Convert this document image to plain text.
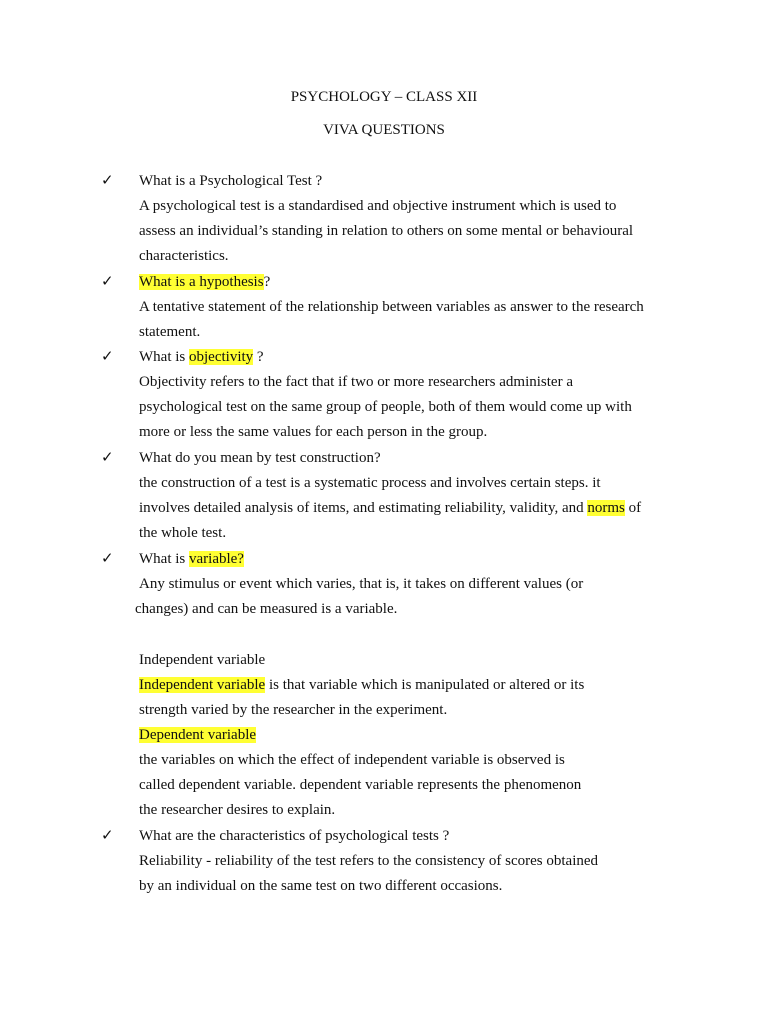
PSYCHOLOGY – CLASS XII
VIVA QUESTIONS
✓ What is a Psychological Test ?
A psychological test is a standardised and objective instrument which is used to
assess an individual’s standing in relation to others on some mental or behavioural
characteristics.
✓ What is a hypothesis?
A tentative statement of the relationship between variables as answer to the research
statement.
✓ What is objectivity ?
Objectivity refers to the fact that if two or more researchers administer a
psychological test on the same group of people, both of them would come up with
more or less the same values for each person in the group.
✓ What do you mean by test construction?
the construction of a test is a systematic process and involves certain steps. it
involves detailed analysis of items, and estimating reliability, validity, and norms of
the whole test.
✓ What is variable?
Any stimulus or event which varies, that is, it takes on different values (or
changes) and can be measured is a variable.
Independent variable
Independent variable is that variable which is manipulated or altered or its
strength varied by the researcher in the experiment.
Dependent variable
the variables on which the effect of independent variable is observed is
called dependent variable. dependent variable represents the phenomenon
the researcher desires to explain.
✓ What are the characteristics of psychological tests ?
Reliability - reliability of the test refers to the consistency of scores obtained
by an individual on the same test on two different occasions.
